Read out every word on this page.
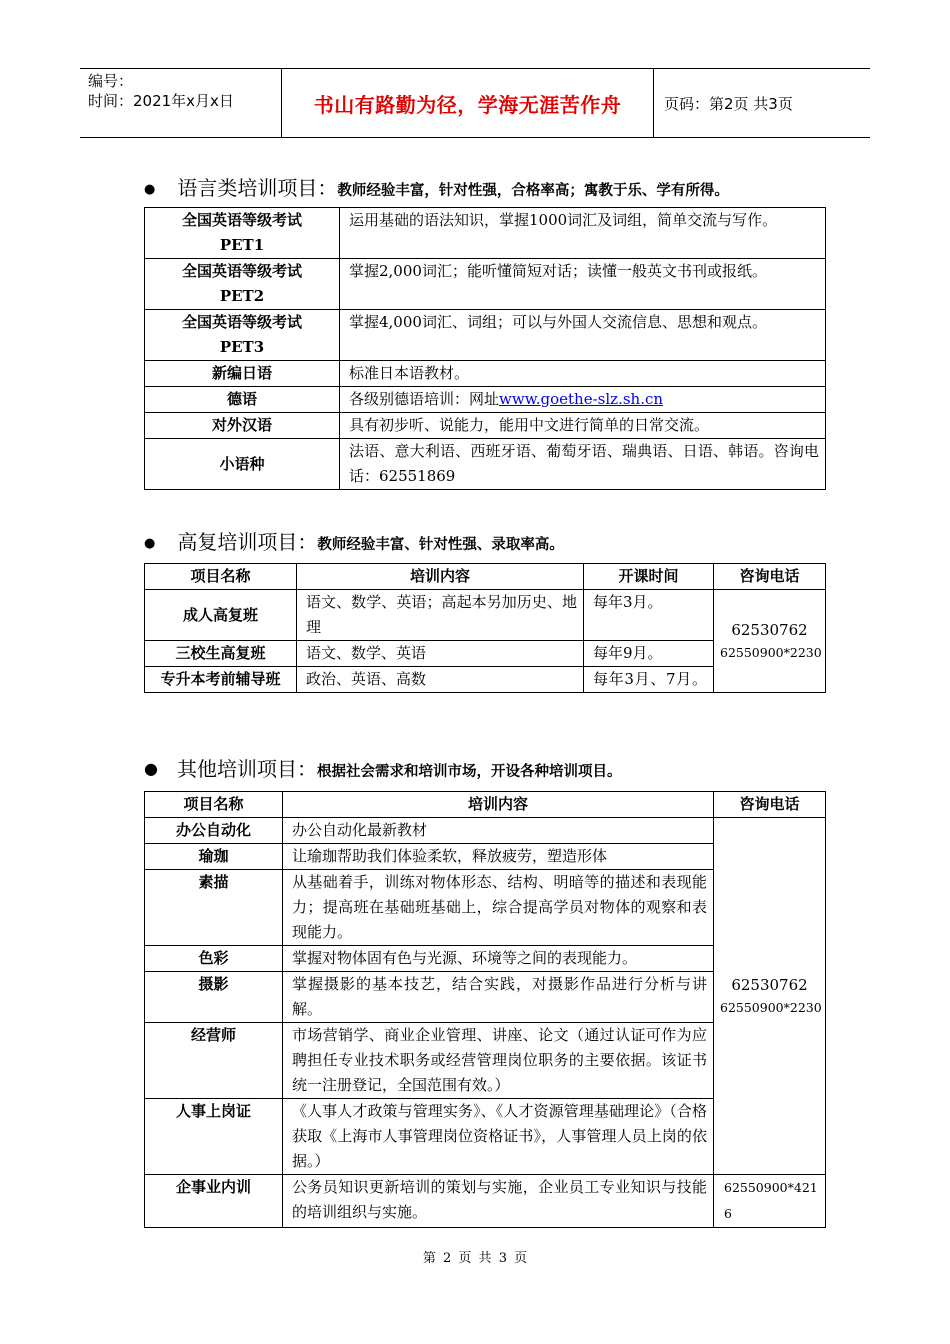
编号：
时间：2021年x月x日	书山有路勤为径，学海无涯苦作舟	页码：第2页 共3页
● 语言类培训项目： 教师经验丰富，针对性强，合格率高；寓教于乐、学有所得。
全国英语等级考试
PET1	运用基础的语法知识，掌握1000词汇及词组，简单交流与写作。

全国英语等级考试
PET2	掌握2,000词汇；能听懂简短对话；读懂一般英文书刊或报纸。

全国英语等级考试
PET3	掌握4,000词汇、词组；可以与外国人交流信息、思想和观点。
新编日语	标准日本语教材。
德语	各级别德语培训：网址www.goethe-slz.sh.cn
对外汉语	具有初步听、说能力，能用中文进行简单的日常交流。
小语种	法语、意大利语、西班牙语、葡萄牙语、瑞典语、日语、韩语。咨询电话：62551869
● 高复培训项目： 教师经验丰富、针对性强、录取率高。
项目名称	培训内容	开课时间	咨询电话
成人高复班	语文、数学、英语；高起本另加历史、地理	每年3月。	62530762
62550900*2230

三校生高复班	语文、数学、英语	每年9月。	
专升本考前辅导班	政治、英语、高数	每年3月、7月。	
● 其他培训项目： 根据社会需求和培训市场，开设各种培训项目。
项目名称	培训内容	咨询电话
办公自动化	办公自动化最新教材	62530762
62550900*2230

瑜珈	让瑜珈帮助我们体验柔软，释放疲劳，塑造形体	
素描	从基础着手，训练对物体形态、结构、明暗等的描述和表现能力；提高班在基础班基础上，综合提高学员对物体的观察和表现能力。	
色彩	掌握对物体固有色与光源、环境等之间的表现能力。	
摄影	掌握摄影的基本技艺，结合实践，对摄影作品进行分析与讲解。	
经营师	市场营销学、商业企业管理、讲座、论文（通过认证可作为应聘担任专业技术职务或经营管理岗位职务的主要依据。该证书统一注册登记，全国范围有效。）	
人事上岗证	《人事人才政策与管理实务》、《人才资源管理基础理论》（合格获取《上海市人事管理岗位资格证书》，人事管理人员上岗的依据。）	
企事业内训	公务员知识更新培训的策划与实施，企业员工专业知识与技能的培训组织与实施。	62550900*4216
第 2 页 共 3 页
